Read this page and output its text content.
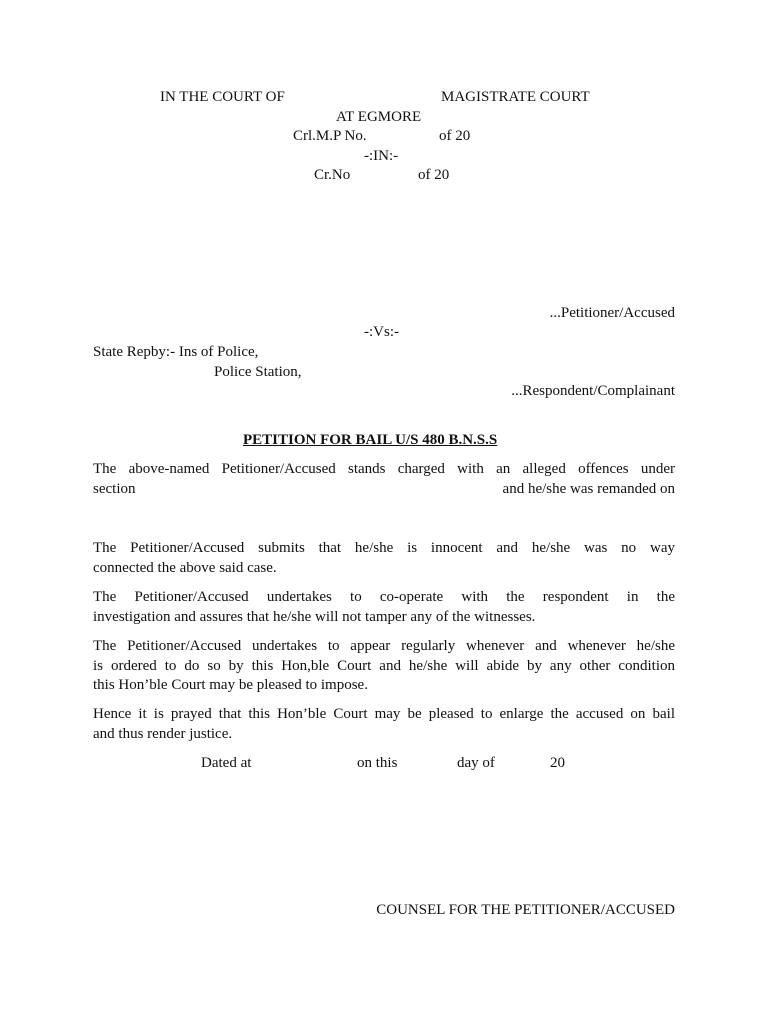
IN THE COURT OF	MAGISTRATE COURT
AT EGMORE
Crl.M.P No.	of 20
-:IN:-
Cr.No	of 20
...Petitioner/Accused
-:Vs:-
State Repby:- Ins of Police,
Police Station,
...Respondent/Complainant
PETITION FOR BAIL U/S 480 B.N.S.S
The above-named Petitioner/Accused stands charged with an alleged offences under
section	and he/she was remanded on
The Petitioner/Accused submits that he/she is innocent and he/she was no way
connected the above said case.
The Petitioner/Accused undertakes to co-operate with the respondent in the
investigation and assures that he/she will not tamper any of the witnesses.
The Petitioner/Accused undertakes to appear regularly whenever and whenever he/she
is ordered to do so by this Hon,ble Court and he/she will abide by any other condition
this Hon’ble Court may be pleased to impose.
Hence it is prayed that this Hon’ble Court may be pleased to enlarge the accused on bail
and thus render justice.
Dated at	on this	day of	20
COUNSEL FOR THE PETITIONER/ACCUSED
